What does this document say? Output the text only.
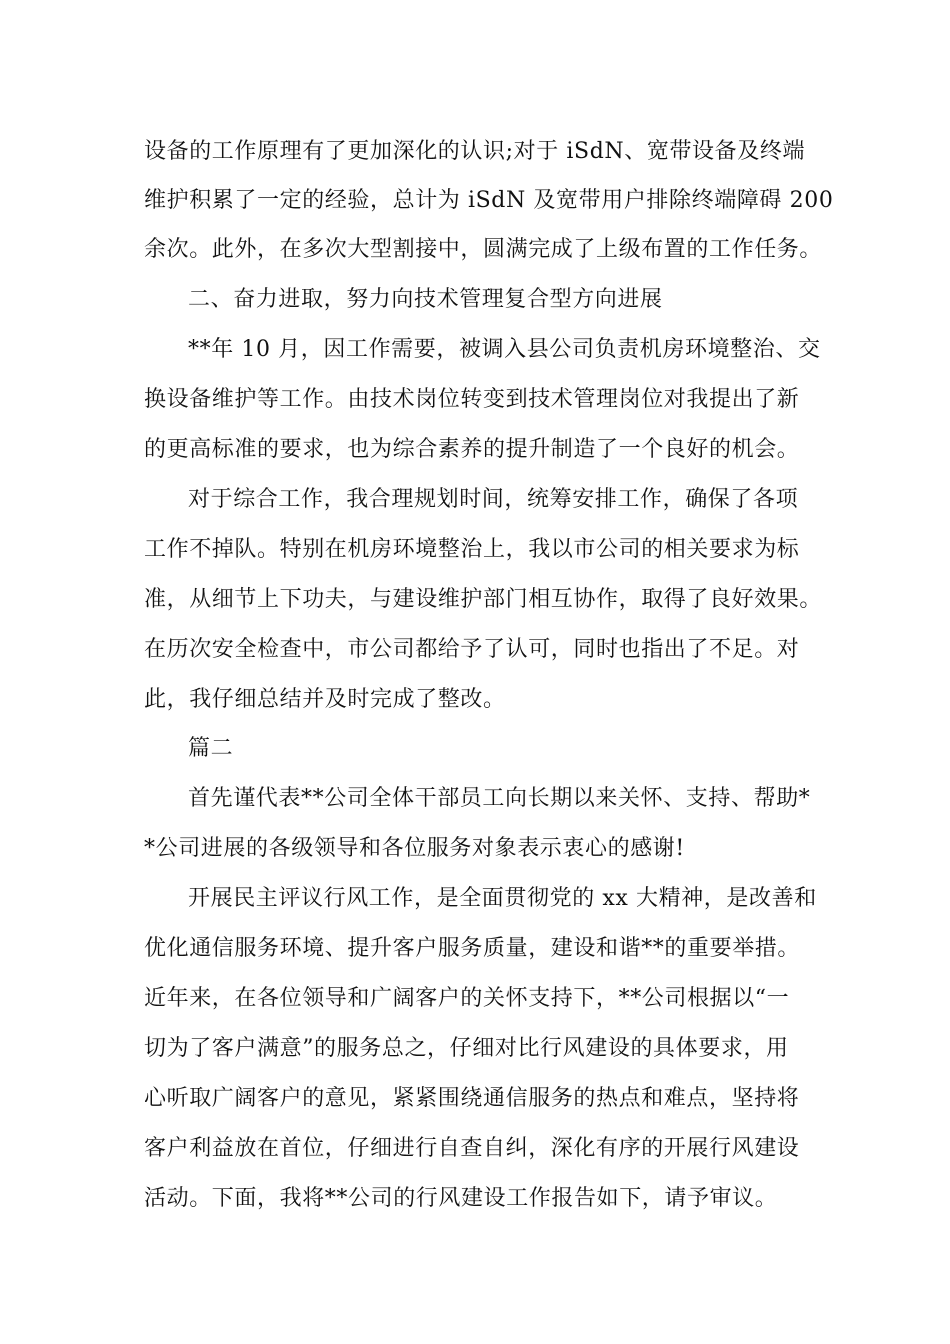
设备的工作原理有了更加深化的认识;对于 iSdN、宽带设备及终端
维护积累了一定的经验，总计为 iSdN 及宽带用户排除终端障碍 200
余次。此外，在多次大型割接中，圆满完成了上级布置的工作任务。
二、奋力进取，努力向技术管理复合型方向进展
**年 10 月，因工作需要，被调入县公司负责机房环境整治、交
换设备维护等工作。由技术岗位转变到技术管理岗位对我提出了新
的更高标准的要求，也为综合素养的提升制造了一个良好的机会。
对于综合工作，我合理规划时间，统筹安排工作，确保了各项
工作不掉队。特别在机房环境整治上，我以市公司的相关要求为标
准，从细节上下功夫，与建设维护部门相互协作，取得了良好效果。
在历次安全检查中，市公司都给予了认可，同时也指出了不足。对
此，我仔细总结并及时完成了整改。
篇二
首先谨代表**公司全体干部员工向长期以来关怀、支持、帮助*
*公司进展的各级领导和各位服务对象表示衷心的感谢!
开展民主评议行风工作，是全面贯彻党的 xx 大精神，是改善和
优化通信服务环境、提升客户服务质量，建设和谐**的重要举措。
近年来，在各位领导和广阔客户的关怀支持下，**公司根据以“一
切为了客户满意”的服务总之，仔细对比行风建设的具体要求，用
心听取广阔客户的意见，紧紧围绕通信服务的热点和难点，坚持将
客户利益放在首位，仔细进行自查自纠，深化有序的开展行风建设
活动。下面，我将**公司的行风建设工作报告如下，请予审议。
